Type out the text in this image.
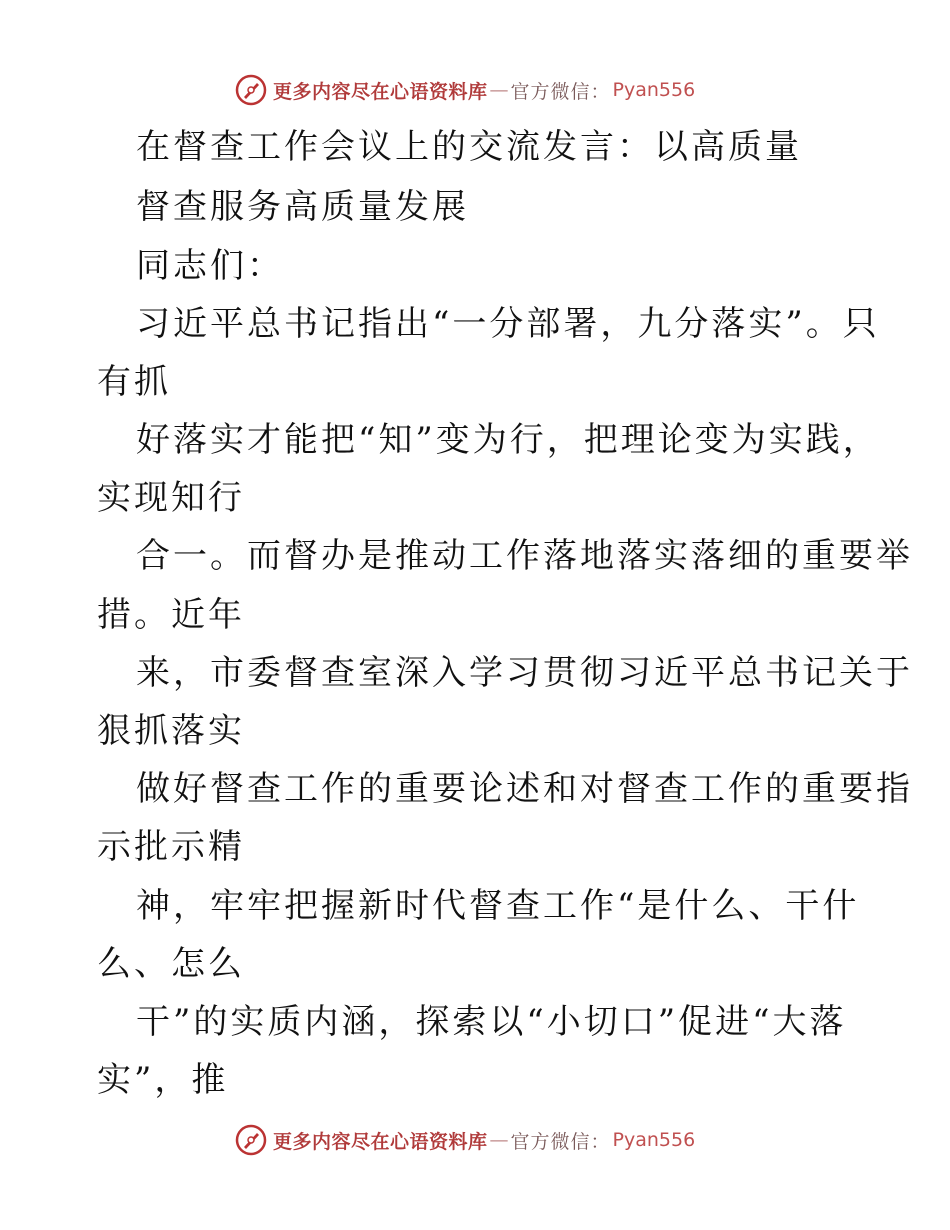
更多内容尽在心语资料库 — 官方微信： Pyan556
在督查工作会议上的交流发言：以高质量
督查服务高质量发展
同志们：
习近平总书记指出“一分部署，九分落实”。只
有抓
好落实才能把“知”变为行，把理论变为实践，
实现知行
合一。而督办是推动工作落地落实落细的重要举
措。近年
来，市委督查室深入学习贯彻习近平总书记关于
狠抓落实
做好督查工作的重要论述和对督查工作的重要指
示批示精
神，牢牢把握新时代督查工作“是什么、干什
么、怎么
干”的实质内涵，探索以“小切口”促进“大落
实”，推
更多内容尽在心语资料库 — 官方微信： Pyan556
